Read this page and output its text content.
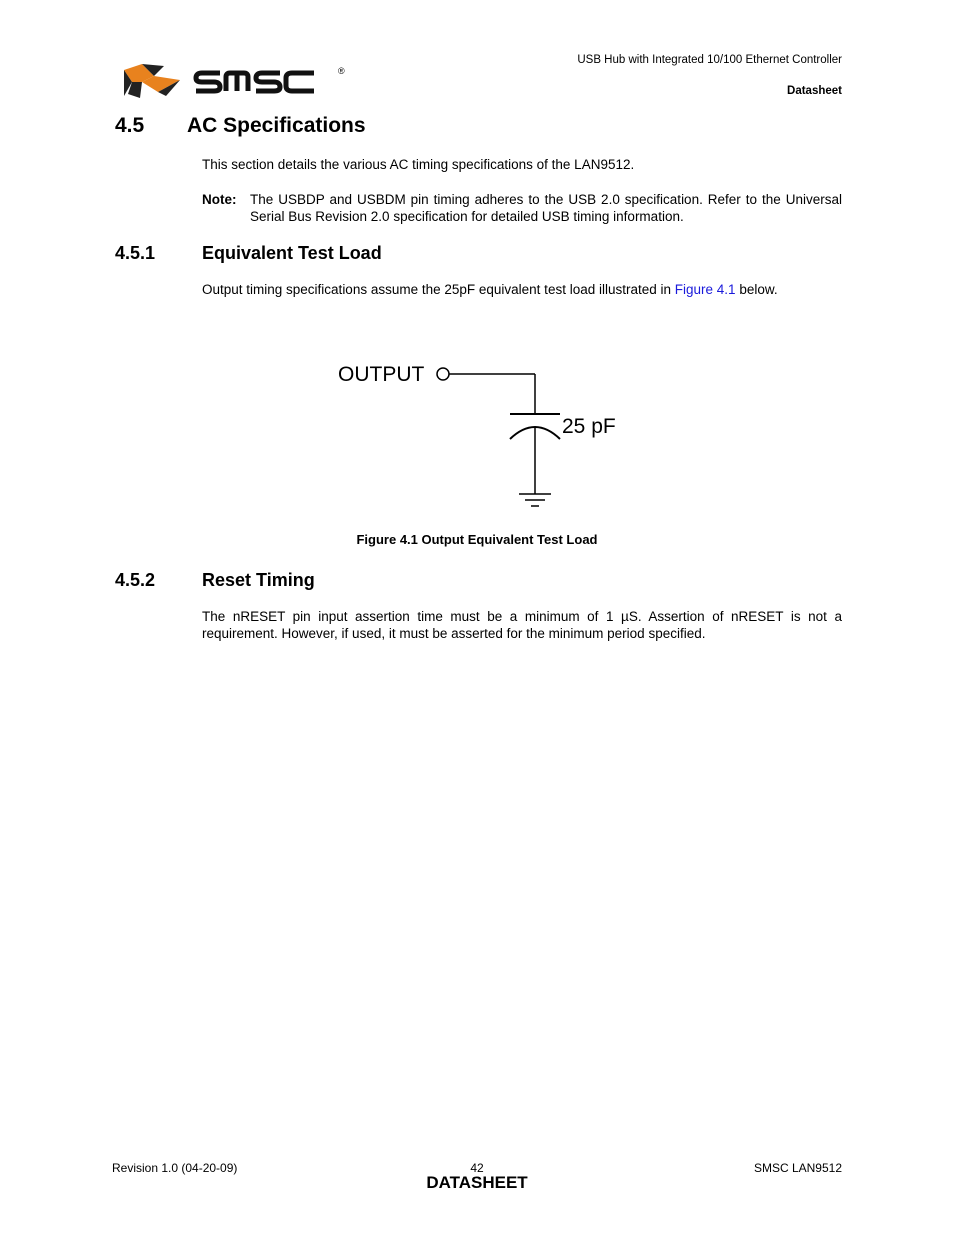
®
USB Hub with Integrated 10/100 Ethernet Controller
Datasheet
4.5 AC Specifications
This section details the various AC timing specifications of the LAN9512.
Note: The USBDP and USBDM pin timing adheres to the USB 2.0 specification. Refer to the Universal Serial Bus Revision 2.0 specification for detailed USB timing information.
4.5.1	Equivalent Test Load
Output timing specifications assume the 25pF equivalent test load illustrated in Figure 4.1 below.
OUTPUT
25 pF
Figure 4.1 Output Equivalent Test Load
4.5.2	Reset Timing
The nRESET pin input assertion time must be a minimum of 1 µS. Assertion of nRESET is not a requirement. However, if used, it must be asserted for the minimum period specified.
Revision 1.0 (04-20-09)	42
DATASHEET
SMSC LAN9512
